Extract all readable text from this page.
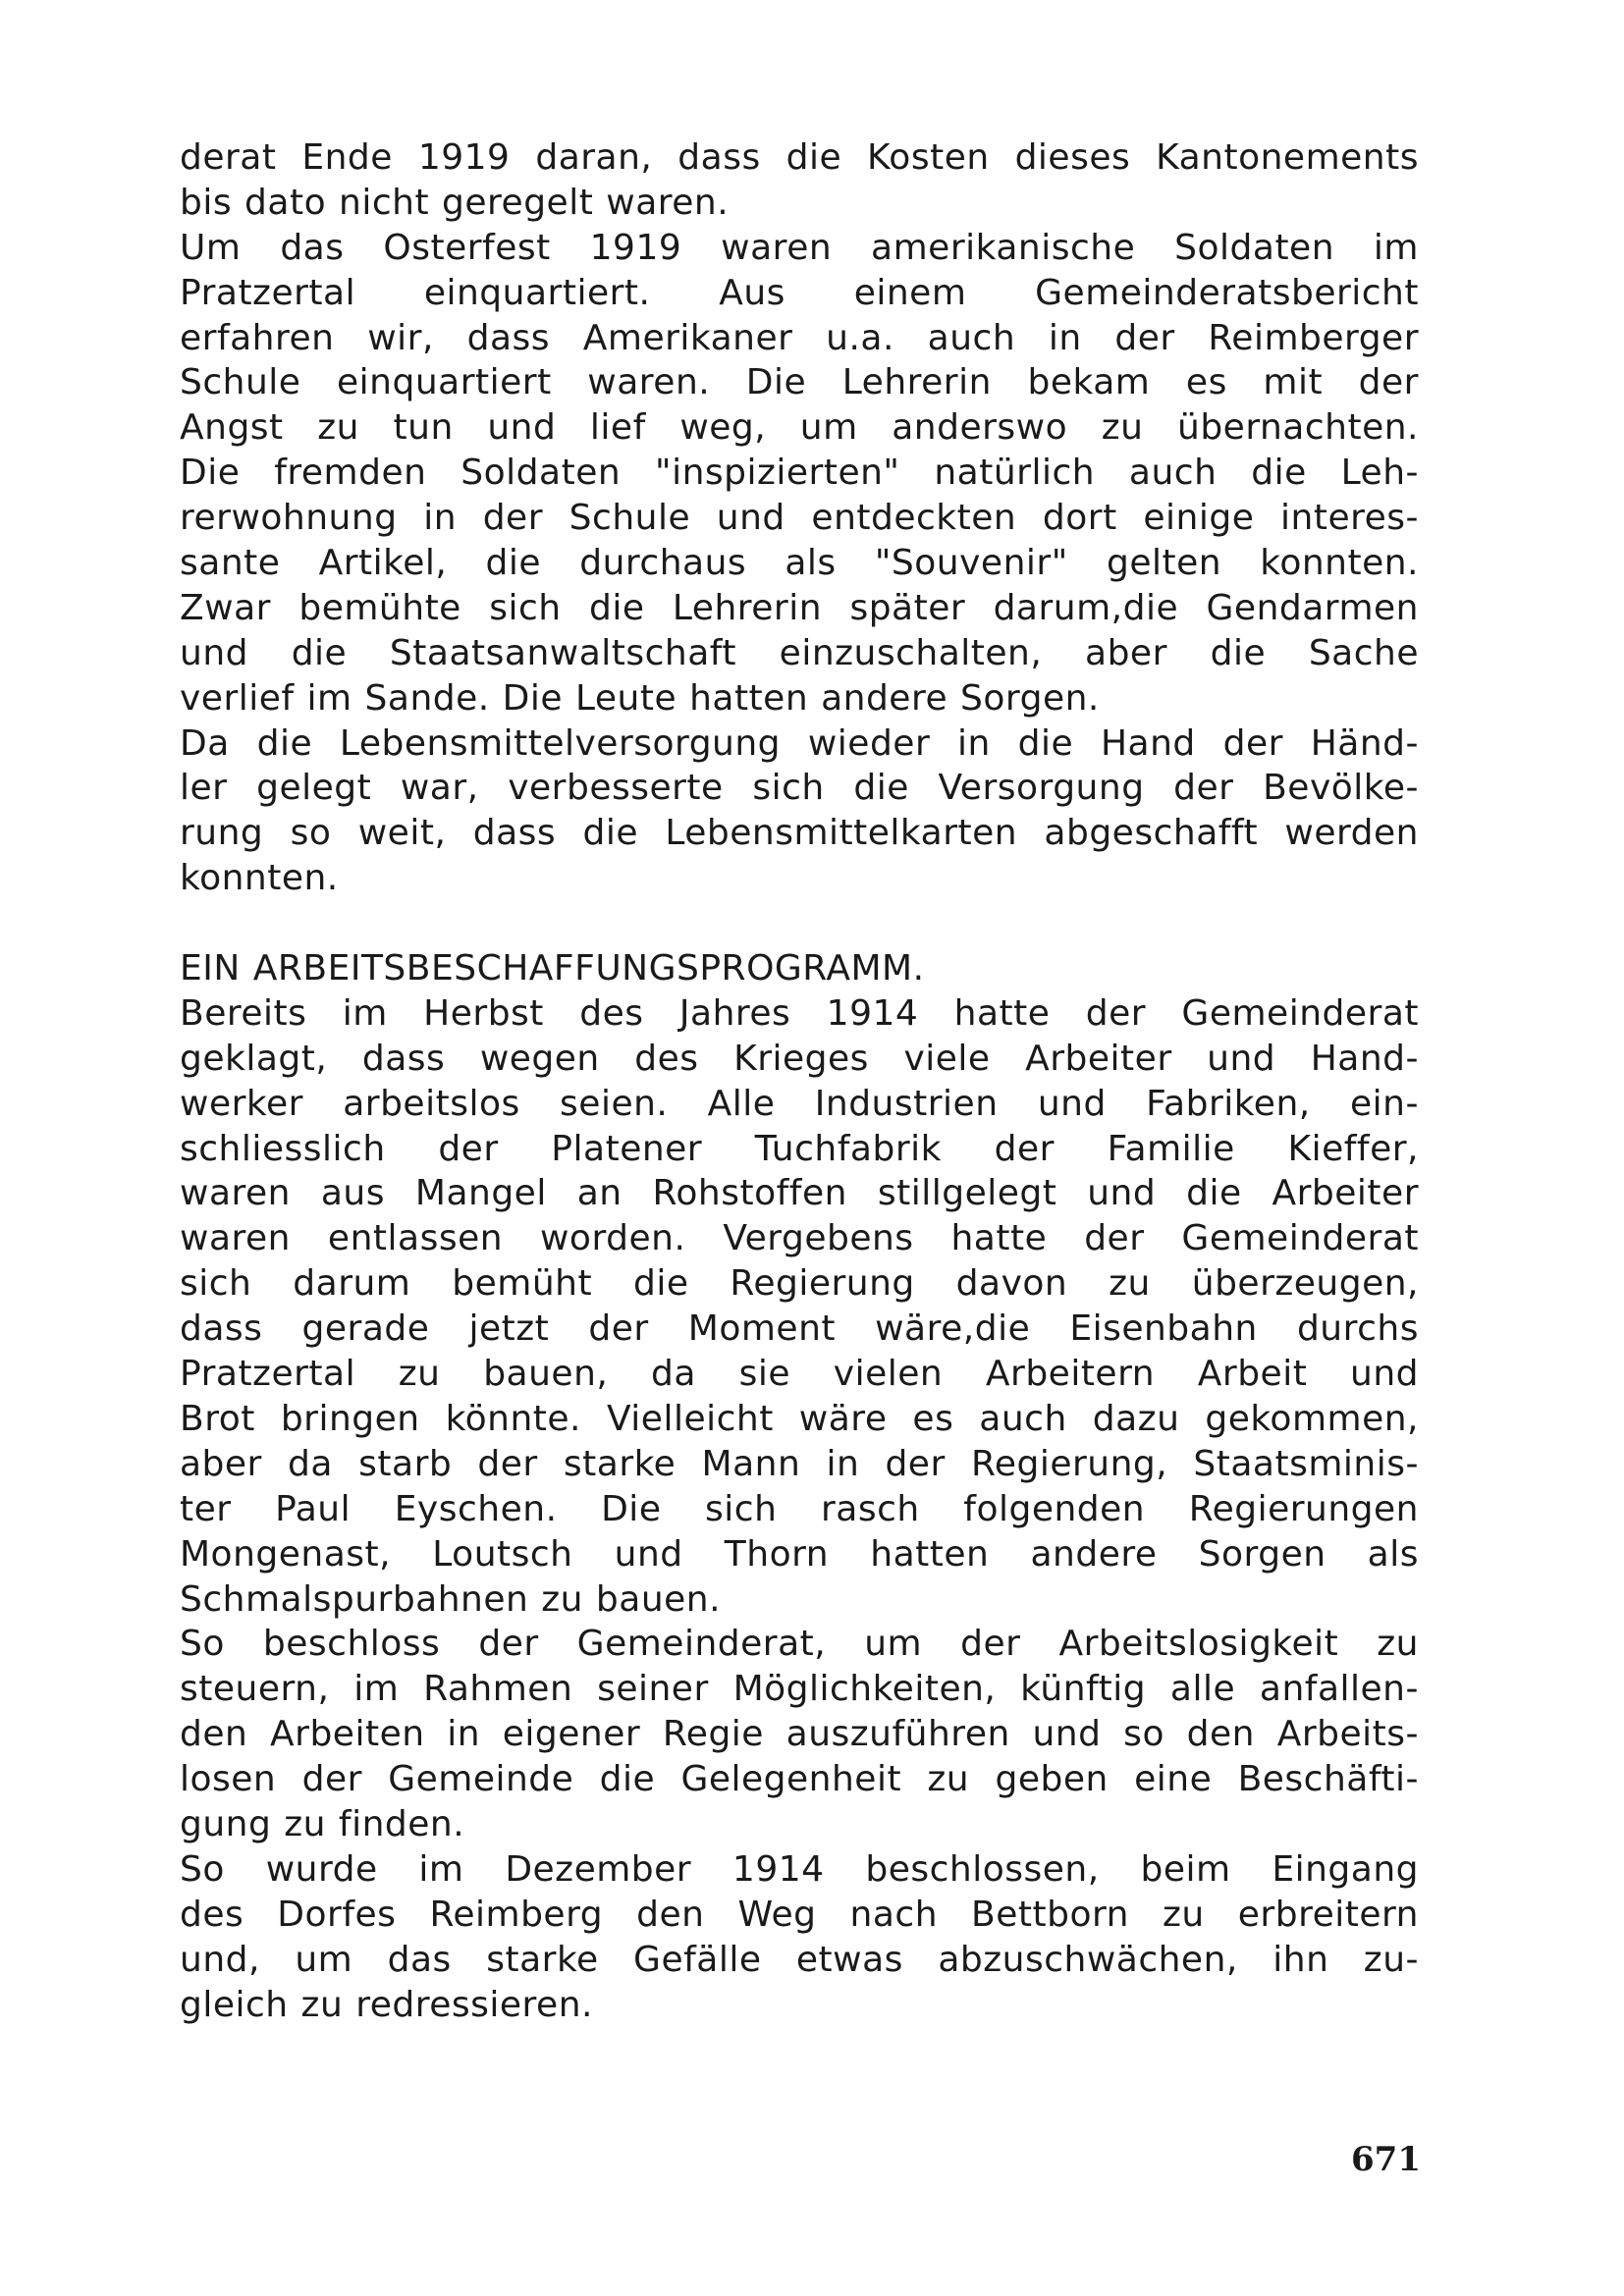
derat Ende 1919 daran, dass die Kosten dieses Kantonements
bis dato nicht geregelt waren.
Um das Osterfest 1919 waren amerikanische Soldaten im
Pratzertal einquartiert. Aus einem Gemeinderatsbericht
erfahren wir, dass Amerikaner u.a. auch in der Reimberger
Schule einquartiert waren. Die Lehrerin bekam es mit der
Angst zu tun und lief weg, um anderswo zu übernachten.
Die fremden Soldaten "inspizierten" natürlich auch die Leh-
rerwohnung in der Schule und entdeckten dort einige interes-
sante Artikel, die durchaus als "Souvenir" gelten konnten.
Zwar bemühte sich die Lehrerin später darum,die Gendarmen
und die Staatsanwaltschaft einzuschalten, aber die Sache
verlief im Sande. Die Leute hatten andere Sorgen.
Da die Lebensmittelversorgung wieder in die Hand der Händ-
ler gelegt war, verbesserte sich die Versorgung der Bevölke-
rung so weit, dass die Lebensmittelkarten abgeschafft werden
konnten.
EIN ARBEITSBESCHAFFUNGSPROGRAMM.
Bereits im Herbst des Jahres 1914 hatte der Gemeinderat
geklagt, dass wegen des Krieges viele Arbeiter und Hand-
werker arbeitslos seien. Alle Industrien und Fabriken, ein-
schliesslich der Platener Tuchfabrik der Familie Kieffer,
waren aus Mangel an Rohstoffen stillgelegt und die Arbeiter
waren entlassen worden. Vergebens hatte der Gemeinderat
sich darum bemüht die Regierung davon zu überzeugen,
dass gerade jetzt der Moment wäre,die Eisenbahn durchs
Pratzertal zu bauen, da sie vielen Arbeitern Arbeit und
Brot bringen könnte. Vielleicht wäre es auch dazu gekommen,
aber da starb der starke Mann in der Regierung, Staatsminis-
ter Paul Eyschen. Die sich rasch folgenden Regierungen
Mongenast, Loutsch und Thorn hatten andere Sorgen als
Schmalspurbahnen zu bauen.
So beschloss der Gemeinderat, um der Arbeitslosigkeit zu
steuern, im Rahmen seiner Möglichkeiten, künftig alle anfallen-
den Arbeiten in eigener Regie auszuführen und so den Arbeits-
losen der Gemeinde die Gelegenheit zu geben eine Beschäfti-
gung zu finden.
So wurde im Dezember 1914 beschlossen, beim Eingang
des Dorfes Reimberg den Weg nach Bettborn zu erbreitern
und, um das starke Gefälle etwas abzuschwächen, ihn zu-
gleich zu redressieren.
671
